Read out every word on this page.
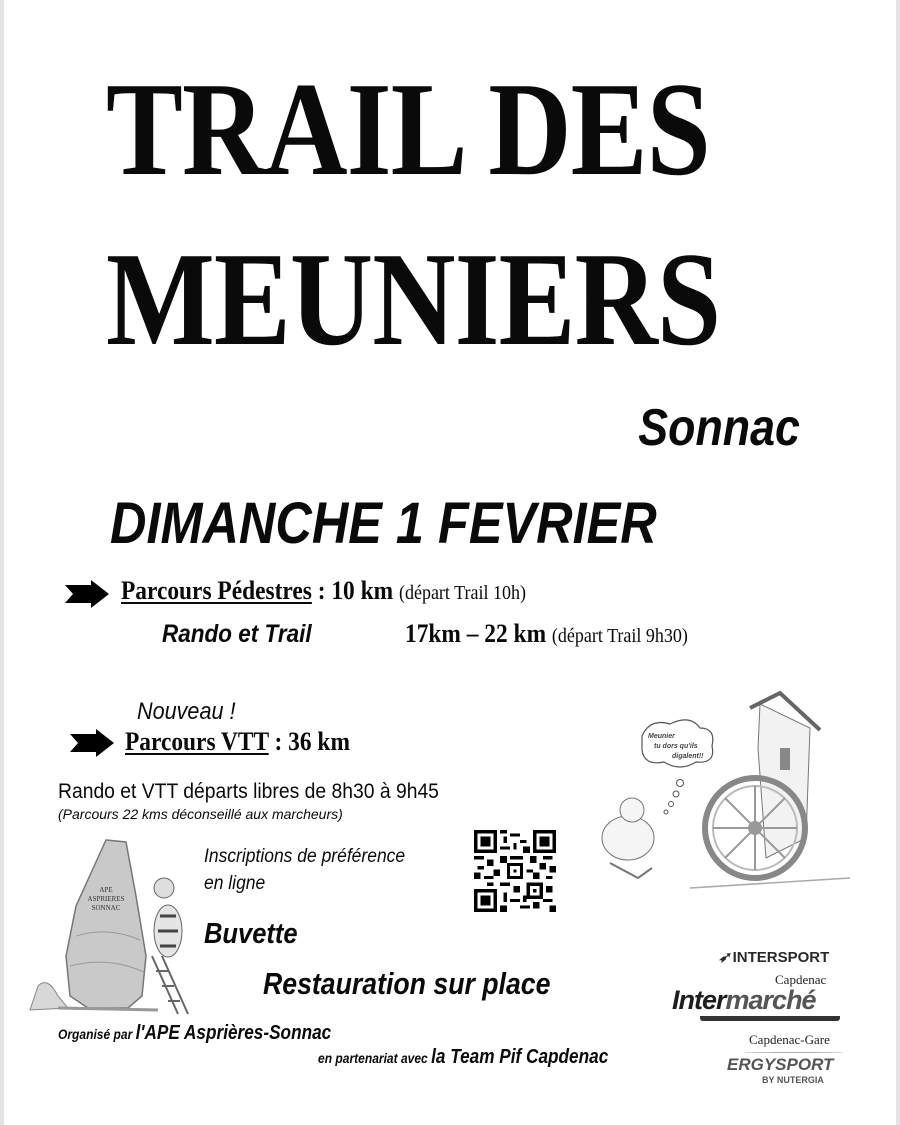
TRAIL DES
MEUNIERS
Sonnac
DIMANCHE 1 FEVRIER
Parcours Pédestres : 10 km (départ Trail 10h)
Rando et Trail	17km – 22 km (départ Trail 9h30)
Nouveau !
Parcours VTT : 36 km
Rando et VTT départs libres de 8h30 à 9h45
(Parcours 22 kms déconseillé aux marcheurs)
APE
ASPRIERES
SONNAC
Inscriptions de préférence
en ligne
Meunier
tu dors qu'ils
digalent!!
Buvette
Restauration sur place
Organisé par l'APE Asprières-Sonnac
en partenariat avec la Team Pif Capdenac
➶ INTERSPORT
Capdenac
Intermarché
Capdenac-Gare
ERGYSPORT
BY NUTERGIA
